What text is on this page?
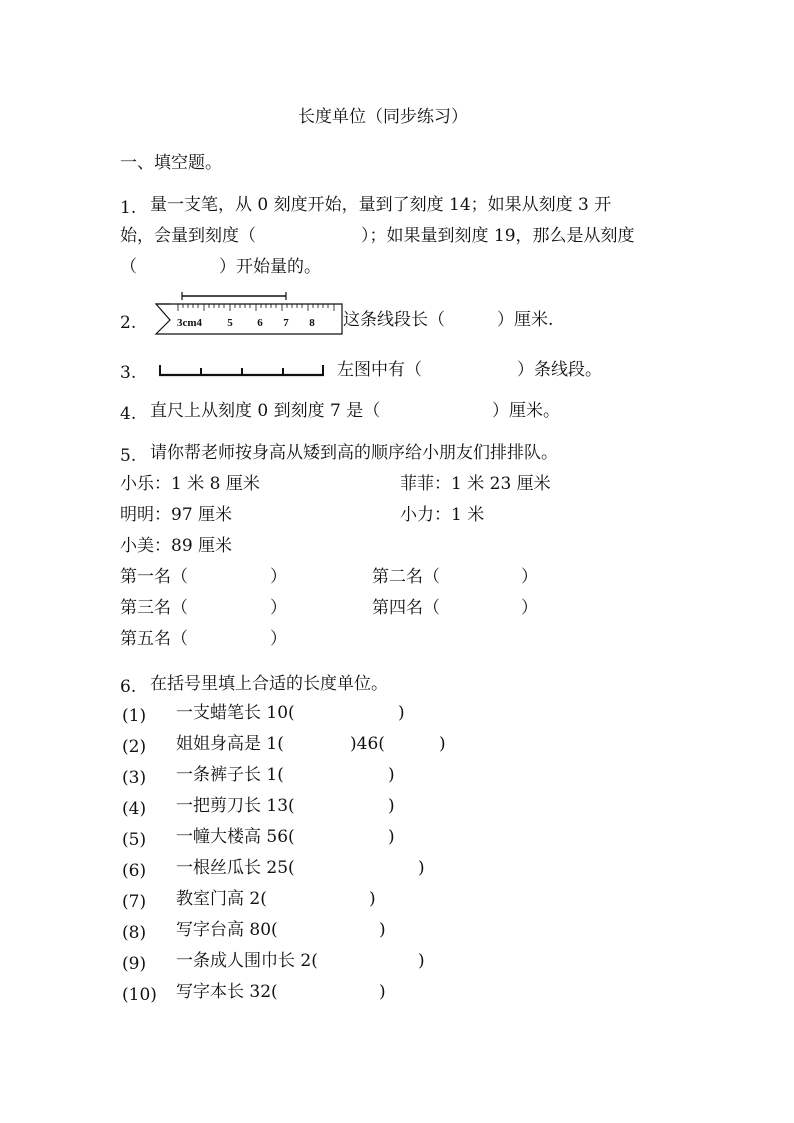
长度单位（同步练习）
一、填空题。
1. 量一支笔，从 0 刻度开始，量到了刻度 14；如果从刻度 3 开
始，会量到刻度（	）；如果量到刻度 19，那么是从刻度
（	）开始量的。
2.	3cm4 5 6 7 8 这条线段长（	）厘米.
3.	左图中有（	）条线段。
4. 直尺上从刻度 0 到刻度 7 是（	）厘米。
5. 请你帮老师按身高从矮到高的顺序给小朋友们排排队。
小乐：1 米 8 厘米	菲菲：1 米 23 厘米
明明：97 厘米	小力：1 米
小美：89 厘米
第一名（	）	第二名（	）
第三名（	）	第四名（	）
第五名（	）
6. 在括号里填上合适的长度单位。
(1) 一支蜡笔长 10(	)
(2) 姐姐身高是 1(	)46(	)
(3) 一条裤子长 1(	)
(4) 一把剪刀长 13(	)
(5) 一幢大楼高 56(	)
(6) 一根丝瓜长 25(	)
(7) 教室门高 2(	)
(8) 写字台高 80(	)
(9) 一条成人围巾长 2(	)
(10) 写字本长 32(	)
